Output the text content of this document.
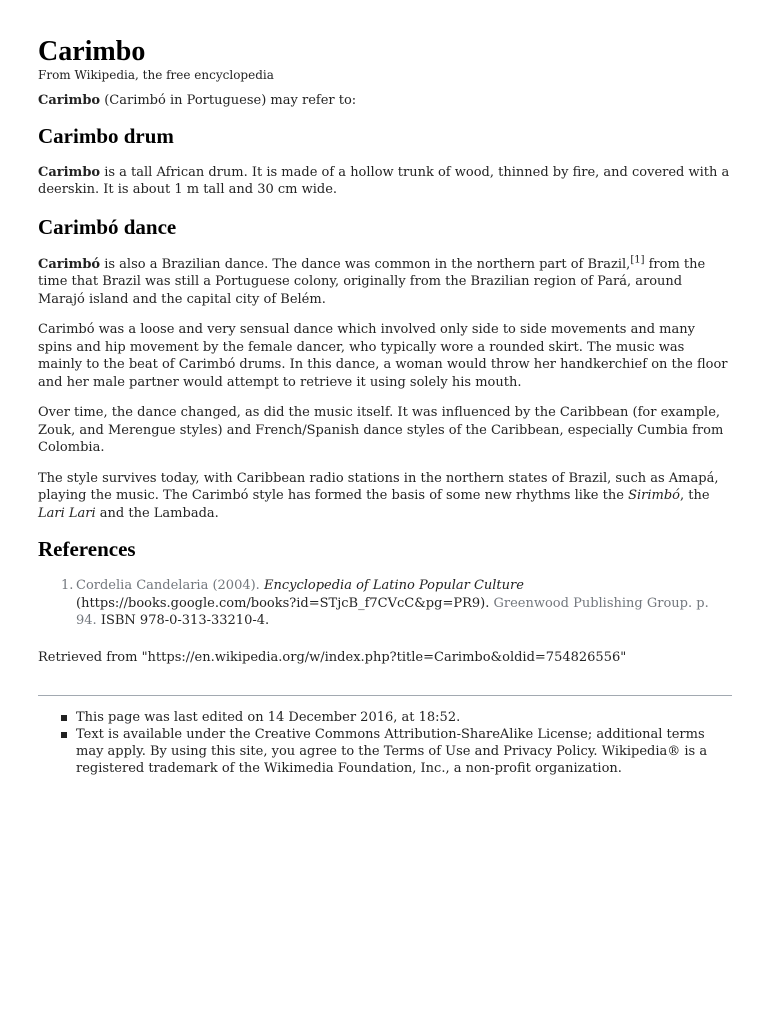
Carimbo
From Wikipedia, the free encyclopedia

Carimbo (Carimbó in Portuguese) may refer to:

Carimbo drum

Carimbo is a tall African drum. It is made of a hollow trunk of wood, thinned by fire, and covered with a deerskin. It is about 1 m tall and 30 cm wide.

Carimbó dance

Carimbó is also a Brazilian dance. The dance was common in the northern part of Brazil,[1] from the time that Brazil was still a Portuguese colony, originally from the Brazilian region of Pará, around Marajó island and the capital city of Belém.

Carimbó was a loose and very sensual dance which involved only side to side movements and many spins and hip movement by the female dancer, who typically wore a rounded skirt. The music was mainly to the beat of Carimbó drums. In this dance, a woman would throw her handkerchief on the floor and her male partner would attempt to retrieve it using solely his mouth.

Over time, the dance changed, as did the music itself. It was influenced by the Caribbean (for example, Zouk, and Merengue styles) and French/Spanish dance styles of the Caribbean, especially Cumbia from Colombia.

The style survives today, with Caribbean radio stations in the northern states of Brazil, such as Amapá, playing the music. The Carimbó style has formed the basis of some new rhythms like the Sirimbó, the Lari Lari and the Lambada.

References
1. Cordelia Candelaria (2004). Encyclopedia of Latino Popular Culture (https://books.google.com/books?id=STjcB_f7CVcC&pg=PR9). Greenwood Publishing Group. p. 94. ISBN 978-0-313-33210-4.

Retrieved from "https://en.wikipedia.org/w/index.php?title=Carimbo&oldid=754826556"

This page was last edited on 14 December 2016, at 18:52.
Text is available under the Creative Commons Attribution-ShareAlike License; additional terms may apply. By using this site, you agree to the Terms of Use and Privacy Policy. Wikipedia® is a registered trademark of the Wikimedia Foundation, Inc., a non-profit organization.
